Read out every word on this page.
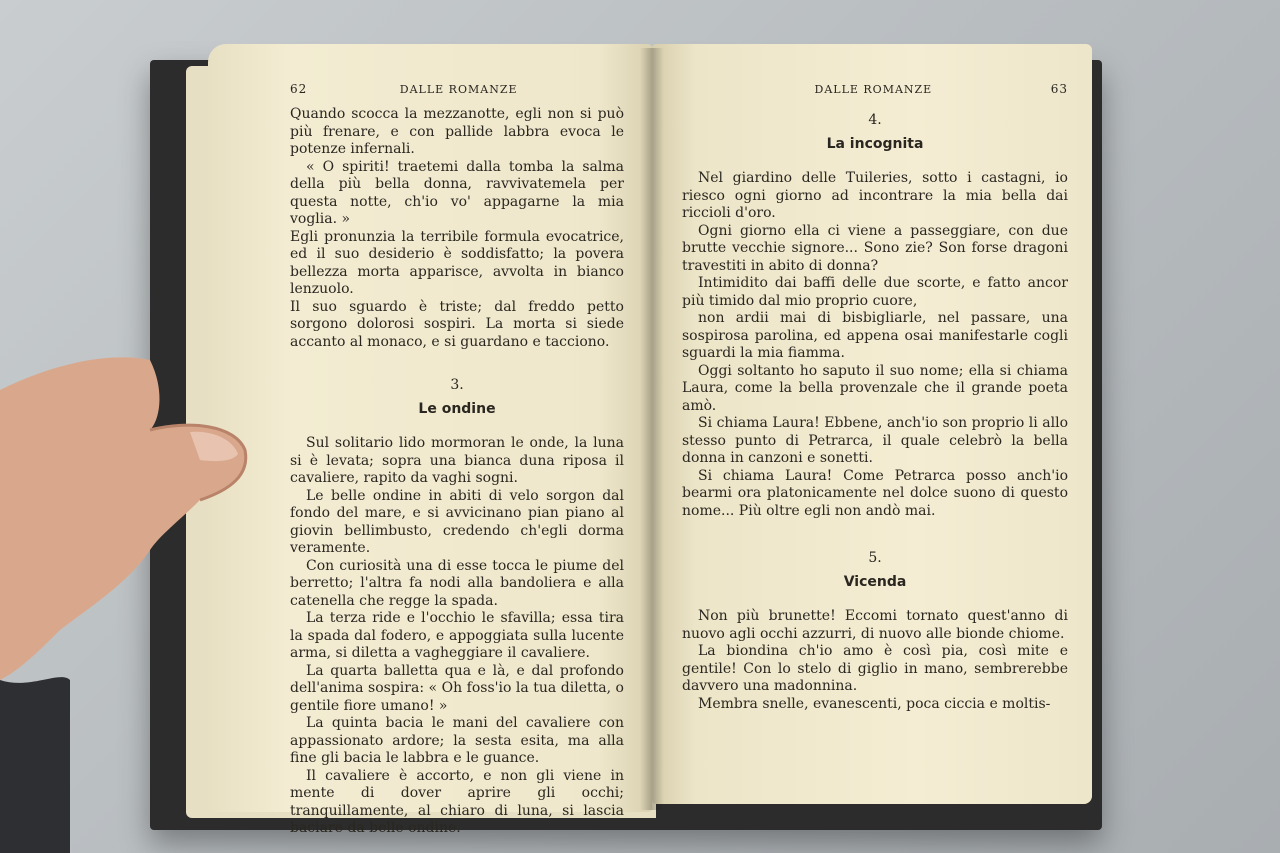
62	DALLE ROMANZE

Quando scocca la mezzanotte, egli non si può più frenare, e con pallide labbra evoca le potenze infernali.

« O spiriti! traetemi dalla tomba la salma della più bella donna, ravvivatemela per questa notte, ch'io vo' appagarne la mia voglia. »

Egli pronunzia la terribile formula evocatrice, ed il suo desiderio è soddisfatto; la povera bellezza morta apparisce, avvolta in bianco lenzuolo.

Il suo sguardo è triste; dal freddo petto sorgono dolorosi sospiri. La morta si siede accanto al monaco, e si guardano e tacciono.

3.
Le ondine

Sul solitario lido mormoran le onde, la luna si è levata; sopra una bianca duna riposa il cavaliere, rapito da vaghi sogni.

Le belle ondine in abiti di velo sorgon dal fondo del mare, e si avvicinano pian piano al giovin bellimbusto, credendo ch'egli dorma veramente.

Con curiosità una di esse tocca le piume del berretto; l'altra fa nodi alla bandoliera e alla catenella che regge la spada.

La terza ride e l'occhio le sfavilla; essa tira la spada dal fodero, e appoggiata sulla lucente arma, si diletta a vagheggiare il cavaliere.

La quarta balletta qua e là, e dal profondo dell'anima sospira: « Oh foss'io la tua diletta, o gentile fiore umano! »

La quinta bacia le mani del cavaliere con appassionato ardore; la sesta esita, ma alla fine gli bacia le labbra e le guance.

Il cavaliere è accorto, e non gli viene in mente di dover aprire gli occhi; tranquillamente, al chiaro di luna, si lascia baciare da belle ondine.

DALLE ROMANZE	63
4.
La incognita

Nel giardino delle Tuileries, sotto i castagni, io riesco ogni giorno ad incontrare la mia bella dai riccioli d'oro.

Ogni giorno ella ci viene a passeggiare, con due brutte vecchie signore... Sono zie? Son forse dragoni travestiti in abito di donna?

Intimidito dai baffi delle due scorte, e fatto ancor più timido dal mio proprio cuore,

non ardii mai di bisbigliarle, nel passare, una sospirosa parolina, ed appena osai manifestarle cogli sguardi la mia fiamma.

Oggi soltanto ho saputo il suo nome; ella si chiama Laura, come la bella provenzale che il grande poeta amò.

Si chiama Laura! Ebbene, anch'io son proprio li allo stesso punto di Petrarca, il quale celebrò la bella donna in canzoni e sonetti.

Si chiama Laura! Come Petrarca posso anch'io bearmi ora platonicamente nel dolce suono di questo nome... Più oltre egli non andò mai.

5.
Vicenda

Non più brunette! Eccomi tornato quest'anno di nuovo agli occhi azzurri, di nuovo alle bionde chiome.

La biondina ch'io amo è così pia, così mite e gentile! Con lo stelo di giglio in mano, sembrerebbe davvero una madonnina.

Membra snelle, evanescenti, poca ciccia e moltis-
